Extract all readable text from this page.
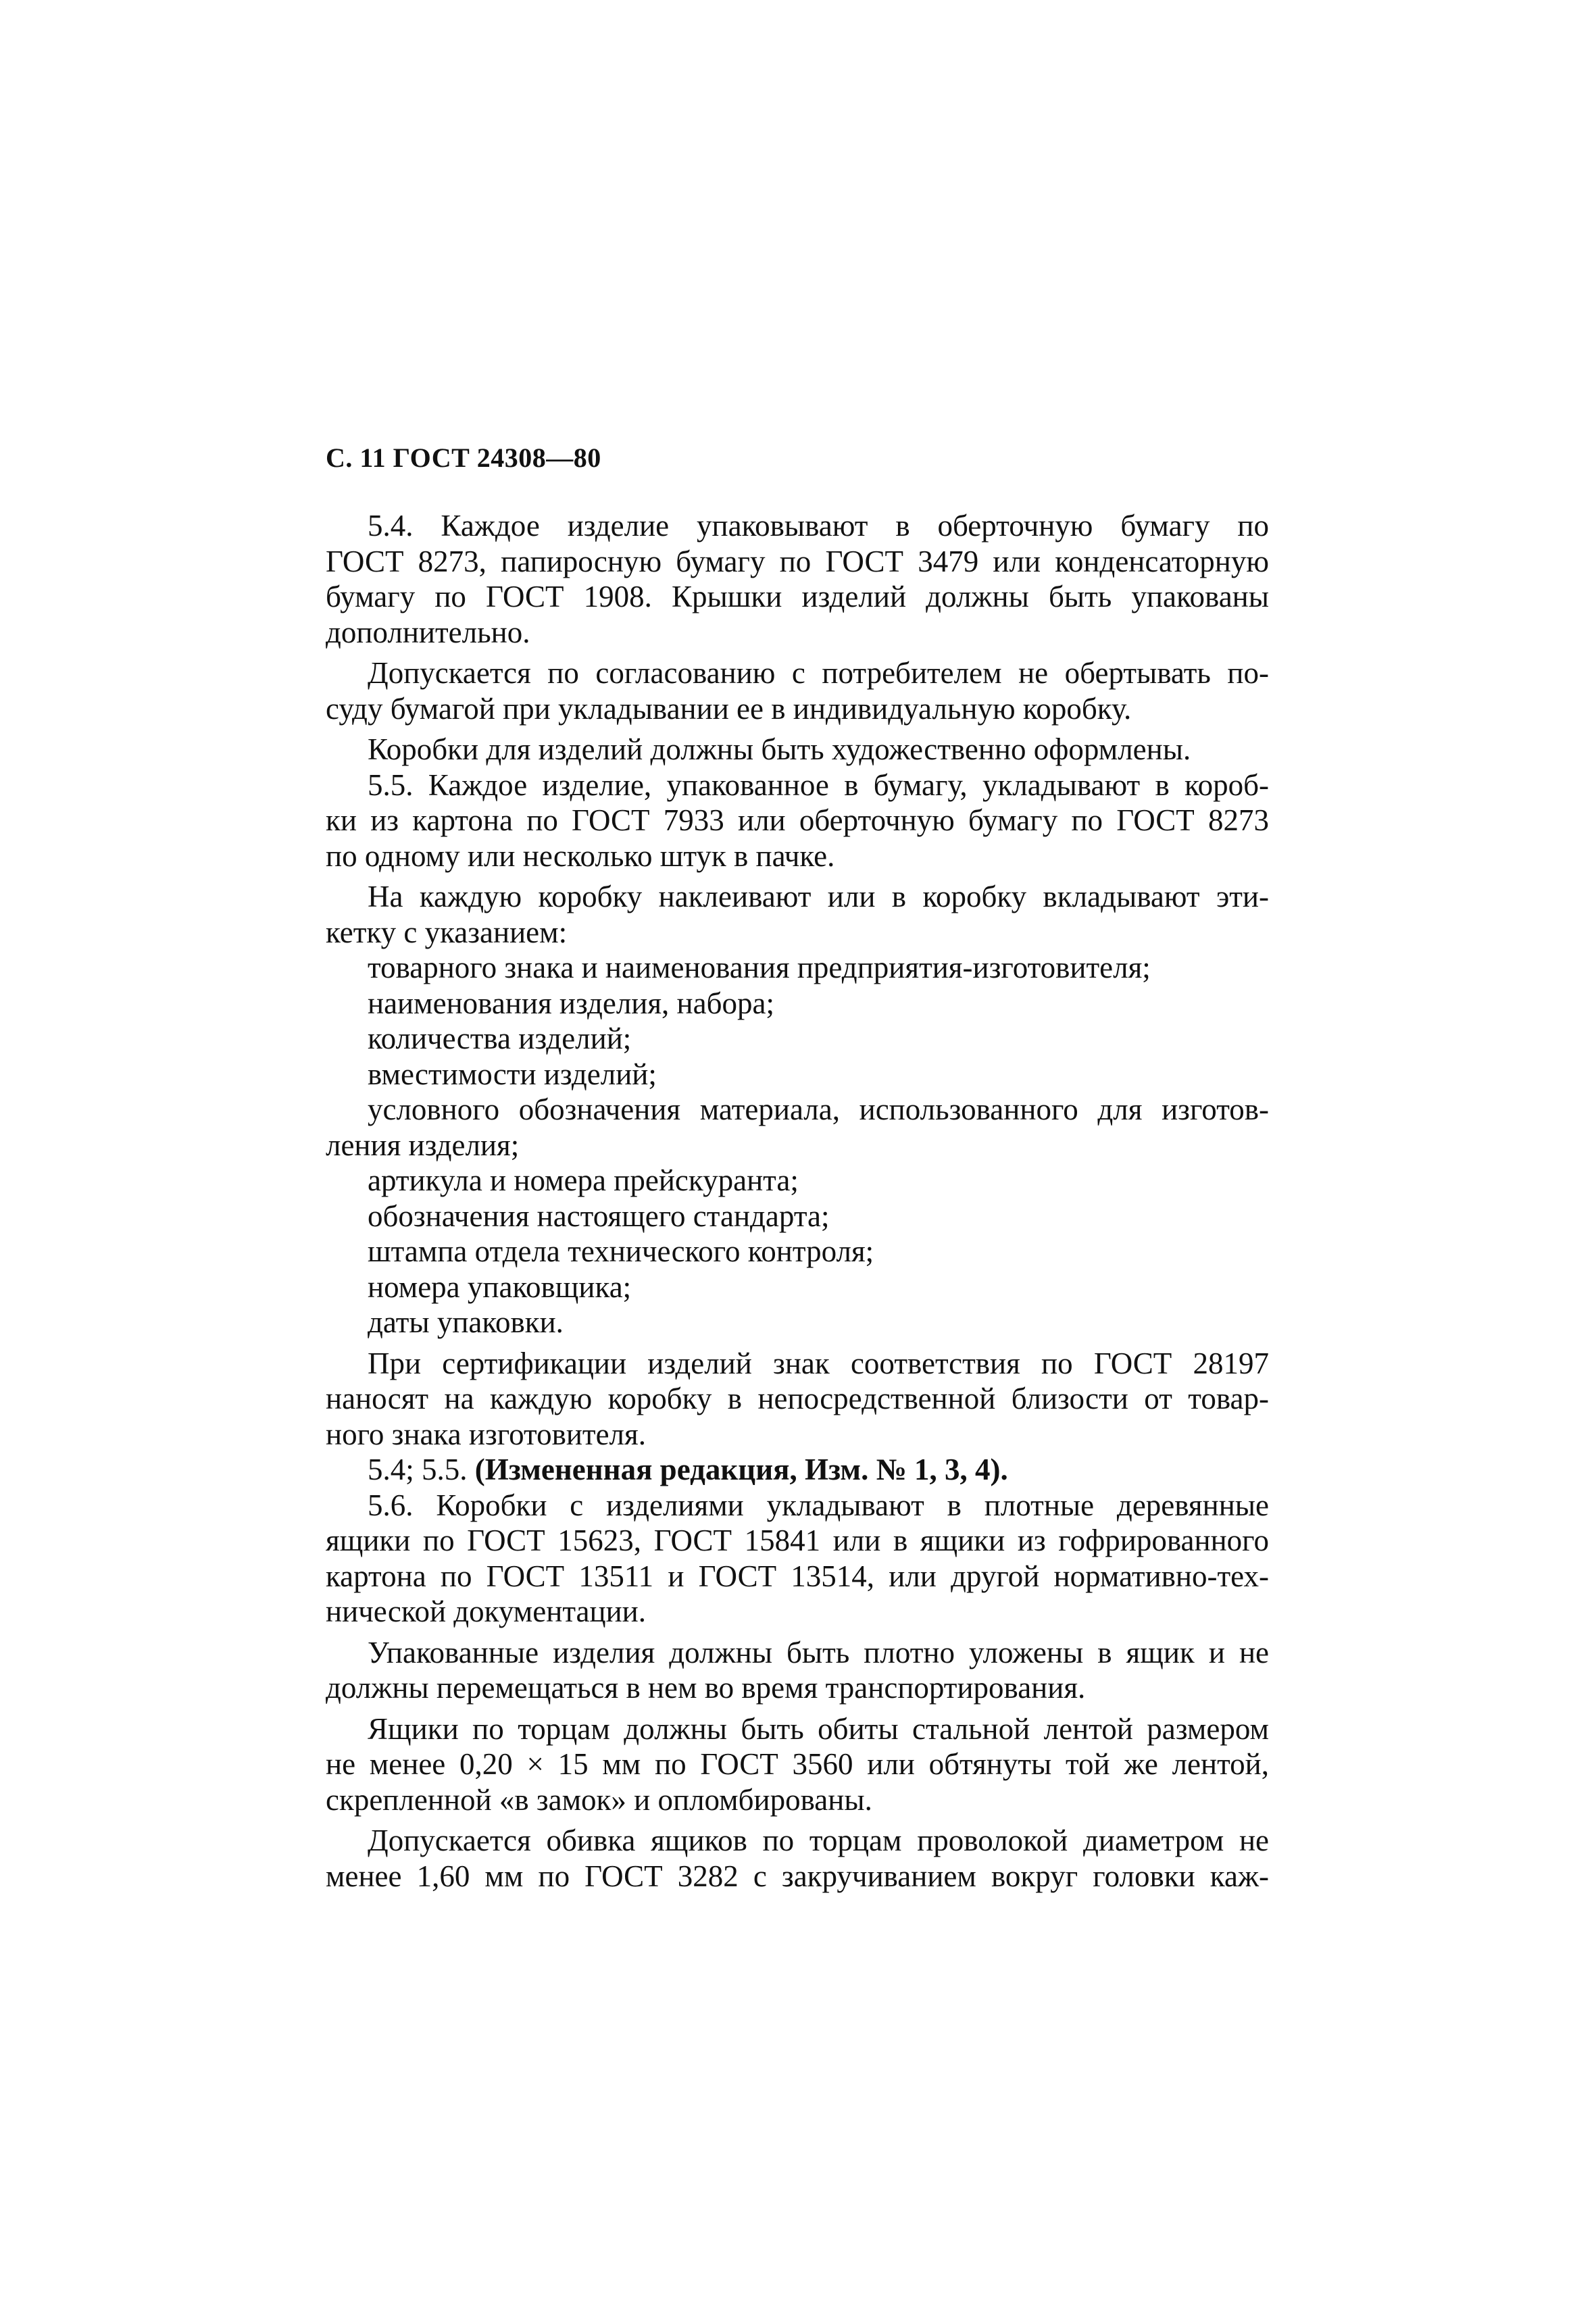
С. 11 ГОСТ 24308—80
5.4. Каждое изделие упаковывают в оберточную бумагу по
ГОСТ 8273, папиросную бумагу по ГОСТ 3479 или конденсаторную
бумагу по ГОСТ 1908. Крышки изделий должны быть упакованы
дополнительно.
Допускается по согласованию с потребителем не обертывать по-
суду бумагой при укладывании ее в индивидуальную коробку.
Коробки для изделий должны быть художественно оформлены.
5.5. Каждое изделие, упакованное в бумагу, укладывают в короб-
ки из картона по ГОСТ 7933 или оберточную бумагу по ГОСТ 8273
по одному или несколько штук в пачке.
На каждую коробку наклеивают или в коробку вкладывают эти-
кетку с указанием:
товарного знака и наименования предприятия-изготовителя;
наименования изделия, набора;
количества изделий;
вместимости изделий;
условного обозначения материала, использованного для изготов-
ления изделия;
артикула и номера прейскуранта;
обозначения настоящего стандарта;
штампа отдела технического контроля;
номера упаковщика;
даты упаковки.
При сертификации изделий знак соответствия по ГОСТ 28197
наносят на каждую коробку в непосредственной близости от товар-
ного знака изготовителя.
5.4; 5.5. (Измененная редакция, Изм. № 1, 3, 4).
5.6. Коробки с изделиями укладывают в плотные деревянные
ящики по ГОСТ 15623, ГОСТ 15841 или в ящики из гофрированного
картона по ГОСТ 13511 и ГОСТ 13514, или другой нормативно-тех-
нической документации.
Упакованные изделия должны быть плотно уложены в ящик и не
должны перемещаться в нем во время транспортирования.
Ящики по торцам должны быть обиты стальной лентой размером
не менее 0,20 × 15 мм по ГОСТ 3560 или обтянуты той же лентой,
скрепленной «в замок» и опломбированы.
Допускается обивка ящиков по торцам проволокой диаметром не
менее 1,60 мм по ГОСТ 3282 с закручиванием вокруг головки каж-
